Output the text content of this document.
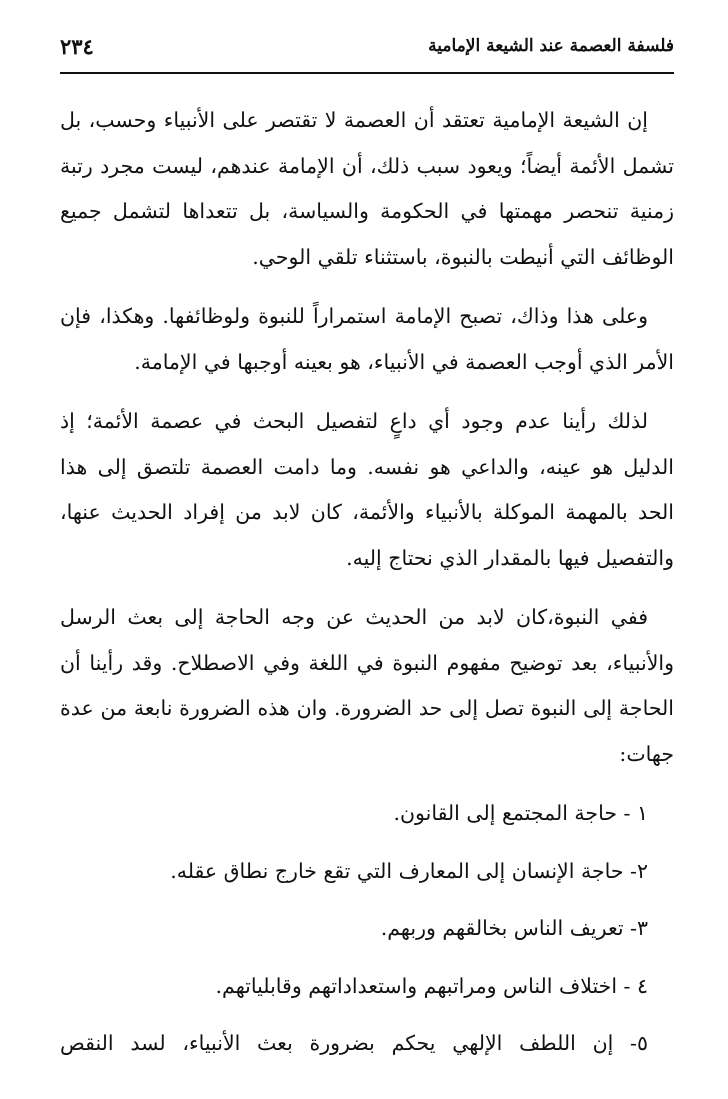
فلسفة العصمة عند الشيعة الإمامية
٢٣٤

إن الشيعة الإمامية تعتقد أن العصمة لا تقتصر على الأنبياء وحسب، بل تشمل الأئمة أيضاً؛ ويعود سبب ذلك، أن الإمامة عندهم، ليست مجرد رتبة زمنية تنحصر مهمتها في الحكومة والسياسة، بل تتعداها لتشمل جميع الوظائف التي أنيطت بالنبوة، باستثناء تلقي الوحي.

وعلى هذا وذاك، تصبح الإمامة استمراراً للنبوة ولوظائفها. وهكذا، فإن الأمر الذي أوجب العصمة في الأنبياء، هو بعينه أوجبها في الإمامة.

لذلك رأينا عدم وجود أي داعٍ لتفصيل البحث في عصمة الأئمة؛ إذ الدليل هو عينه، والداعي هو نفسه. وما دامت العصمة تلتصق إلى هذا الحد بالمهمة الموكلة بالأنبياء والأئمة، كان لابد من إفراد الحديث عنها، والتفصيل فيها بالمقدار الذي نحتاج إليه.

ففي النبوة،كان لابد من الحديث عن وجه الحاجة إلى بعث الرسل والأنبياء، بعد توضيح مفهوم النبوة في اللغة وفي الاصطلاح. وقد رأينا أن الحاجة إلى النبوة تصل إلى حد الضرورة. وان هذه الضرورة نابعة من عدة جهات:

١ - حاجة المجتمع إلى القانون.
٢- حاجة الإنسان إلى المعارف التي تقع خارج نطاق عقله.
٣- تعريف الناس بخالقهم وربهم.
٤ - اختلاف الناس ومراتبهم واستعداداتهم وقابلياتهم.
٥- إن اللطف الإلهي يحكم بضرورة بعث الأنبياء، لسد النقص
